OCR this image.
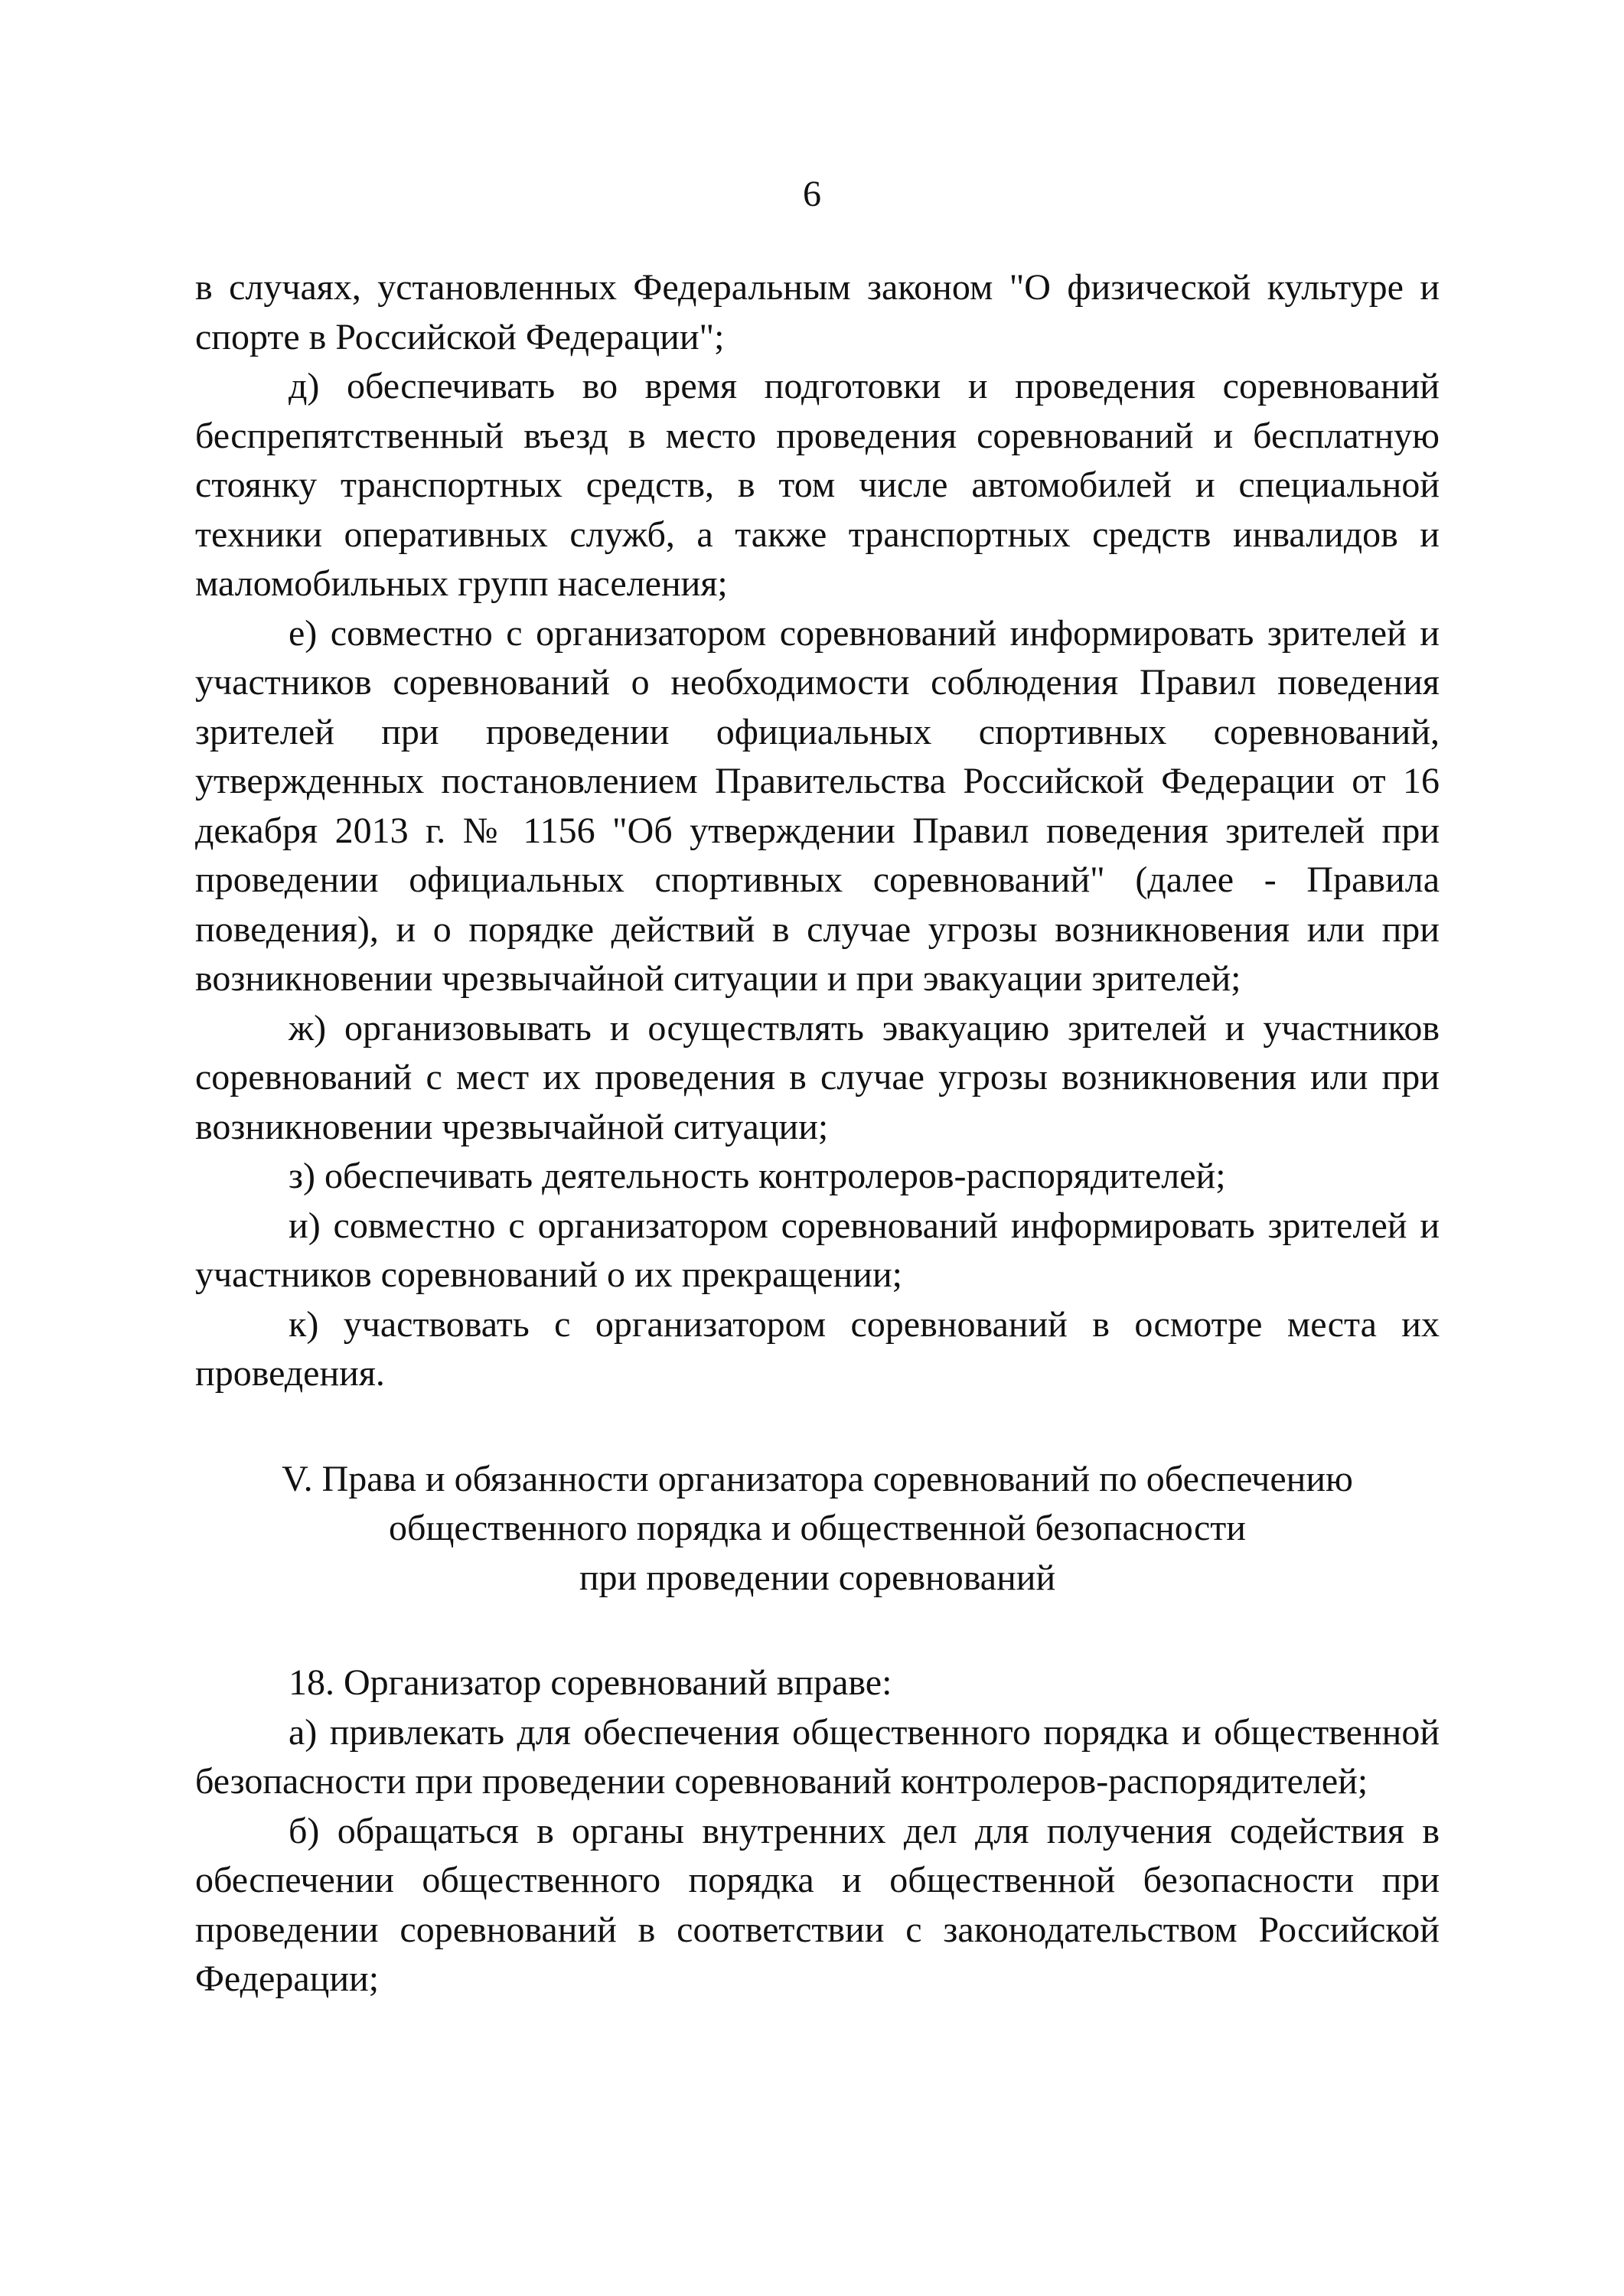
6

в случаях, установленных Федеральным законом "О физической культуре и спорте в Российской Федерации";

д) обеспечивать во время подготовки и проведения соревнований беспрепятственный въезд в место проведения соревнований и бесплатную стоянку транспортных средств, в том числе автомобилей и специальной техники оперативных служб, а также транспортных средств инвалидов и маломобильных групп населения;

е) совместно с организатором соревнований информировать зрителей и участников соревнований о необходимости соблюдения Правил поведения зрителей при проведении официальных спортивных соревнований, утвержденных постановлением Правительства Российской Федерации от 16 декабря 2013 г. № 1156 "Об утверждении Правил поведения зрителей при проведении официальных спортивных соревнований" (далее - Правила поведения), и о порядке действий в случае угрозы возникновения или при возникновении чрезвычайной ситуации и при эвакуации зрителей;

ж) организовывать и осуществлять эвакуацию зрителей и участников соревнований с мест их проведения в случае угрозы возникновения или при возникновении чрезвычайной ситуации;

з) обеспечивать деятельность контролеров-распорядителей;

и) совместно с организатором соревнований информировать зрителей и участников соревнований о их прекращении;

к) участвовать с организатором соревнований в осмотре места их проведения.

V. Права и обязанности организатора соревнований по обеспечению
общественного порядка и общественной безопасности
при проведении соревнований

18. Организатор соревнований вправе:

а) привлекать для обеспечения общественного порядка и общественной безопасности при проведении соревнований контролеров-распорядителей;

б) обращаться в органы внутренних дел для получения содействия в обеспечении общественного порядка и общественной безопасности при проведении соревнований в соответствии с законодательством Российской Федерации;
